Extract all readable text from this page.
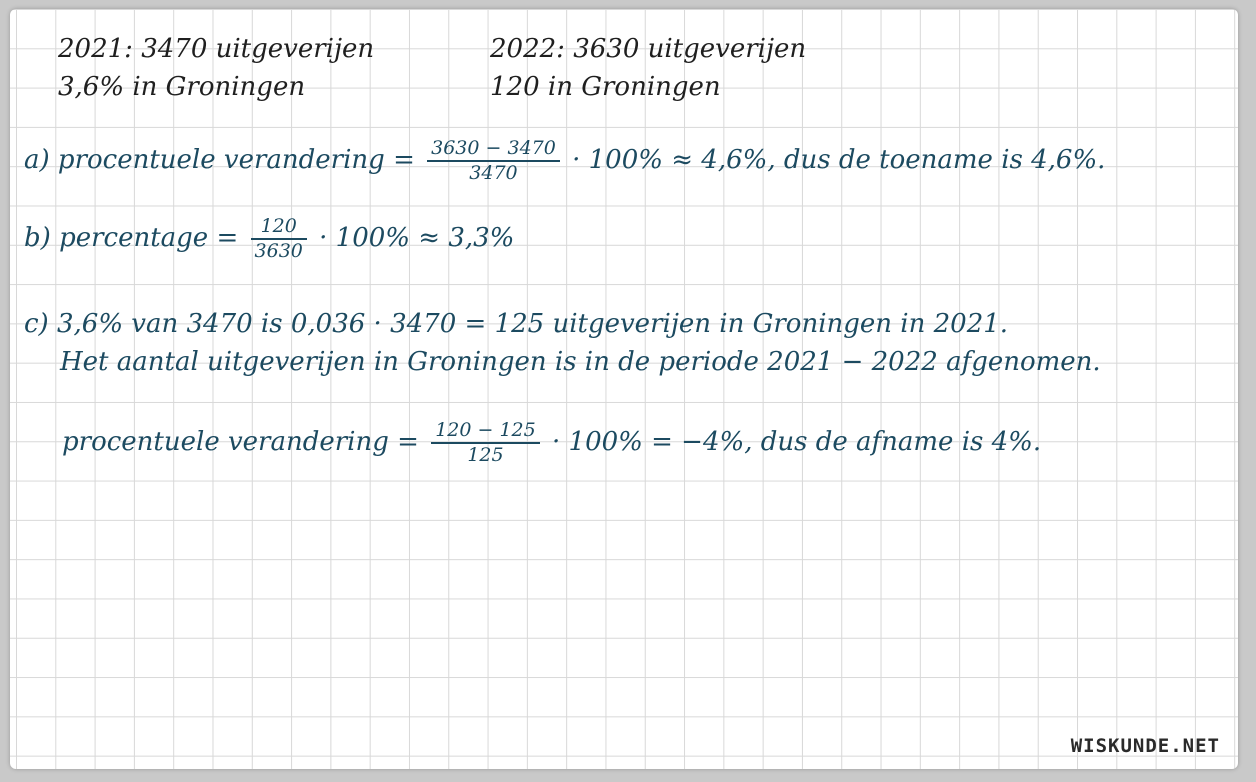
2021: 3470 uitgeverijen
3,6% in Groningen
2022: 3630 uitgeverijen
120 in Groningen
a) procentuele verandering = $\frac{3630 - 3470}{3470} \cdot 100\% \approx 4,6\%$, dus de toename is 4,6%.
b) percentage = $\frac{120}{3630} \cdot 100\% \approx 3,3\%$
c) 3,6% van 3470 is 0,036 · 3470 = 125 uitgeverijen in Groningen in 2021.
Het aantal uitgeverijen in Groningen is in de periode 2021 − 2022 afgenomen.
procentuele verandering = $\frac{120 - 125}{125} \cdot 100\% = -4\%$, dus de afname is 4%.
WISKUNDE.NET
